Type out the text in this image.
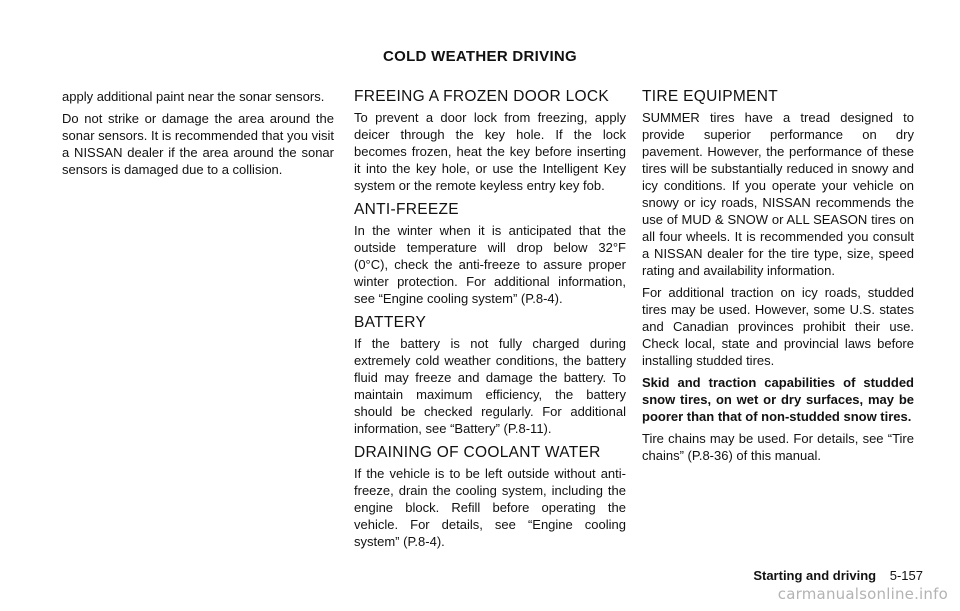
COLD WEATHER DRIVING

apply additional paint near the sonar sensors.

Do not strike or damage the area around the sonar sensors. It is recommended that you visit a NISSAN dealer if the area around the sonar sensors is damaged due to a collision.

FREEING A FROZEN DOOR LOCK

To prevent a door lock from freezing, apply deicer through the key hole. If the lock becomes frozen, heat the key before inserting it into the key hole, or use the Intelligent Key system or the remote keyless entry key fob.

ANTI-FREEZE

In the winter when it is anticipated that the outside temperature will drop below 32°F (0°C), check the anti-freeze to assure proper winter protection. For additional information, see “Engine cooling system” (P.8-4).

BATTERY

If the battery is not fully charged during extremely cold weather conditions, the battery fluid may freeze and damage the battery. To maintain maximum efficiency, the battery should be checked regularly. For additional information, see “Battery” (P.8-11).

DRAINING OF COOLANT WATER

If the vehicle is to be left outside without anti-freeze, drain the cooling system, including the engine block. Refill before operating the vehicle. For details, see “Engine cooling system” (P.8-4).

TIRE EQUIPMENT

SUMMER tires have a tread designed to provide superior performance on dry pavement. However, the performance of these tires will be substantially reduced in snowy and icy conditions. If you operate your vehicle on snowy or icy roads, NISSAN recommends the use of MUD & SNOW or ALL SEASON tires on all four wheels. It is recommended you consult a NISSAN dealer for the tire type, size, speed rating and availability information.

For additional traction on icy roads, studded tires may be used. However, some U.S. states and Canadian provinces prohibit their use. Check local, state and provincial laws before installing studded tires.

Skid and traction capabilities of studded snow tires, on wet or dry surfaces, may be poorer than that of non-studded snow tires.

Tire chains may be used. For details, see “Tire chains” (P.8-36) of this manual.

Starting and driving 5-157
carmanualsonline.info
